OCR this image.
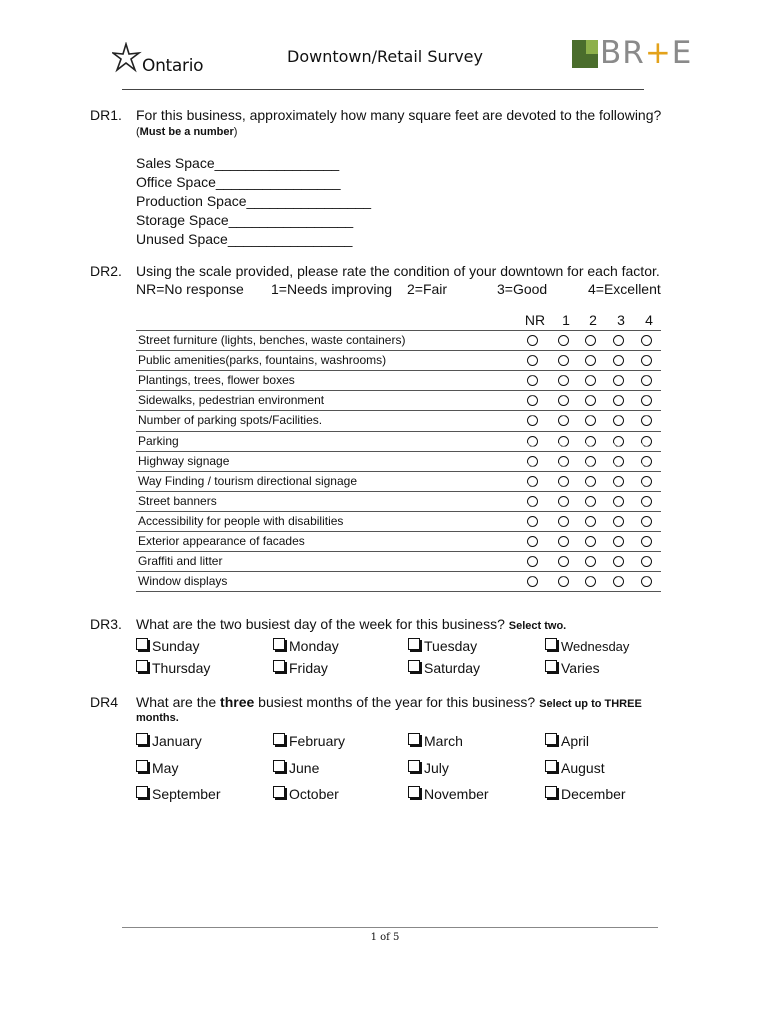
Ontario	Downtown/Retail Survey	BR+E
DR1. For this business, approximately how many square feet are devoted to the following?
(Must be a number)
Sales Space________________
Office Space________________
Production Space________________
Storage Space________________
Unused Space________________
DR2. Using the scale provided, please rate the condition of your downtown for each factor.
NR=No response 1=Needs improving 2=Fair	3=Good	4=Excellent
NR	1	2	3	4
Street furniture (lights, benches, waste containers)
Public amenities(parks, fountains, washrooms)
Plantings, trees, flower boxes
Sidewalks, pedestrian environment
Number of parking spots/Facilities.
Parking
Highway signage
Way Finding / tourism directional signage
Street banners
Accessibility for people with disabilities
Exterior appearance of facades
Graffiti and litter
Window displays
DR3. What are the two busiest day of the week for this business? Select two.
Sunday	Monday	Tuesday	Wednesday
Thursday	Friday	Saturday	Varies
DR4 What are the three busiest months of the year for this business? Select up to THREE
months.
January	February	March	April
May	June	July	August
September	October	November	December
1 of 5
